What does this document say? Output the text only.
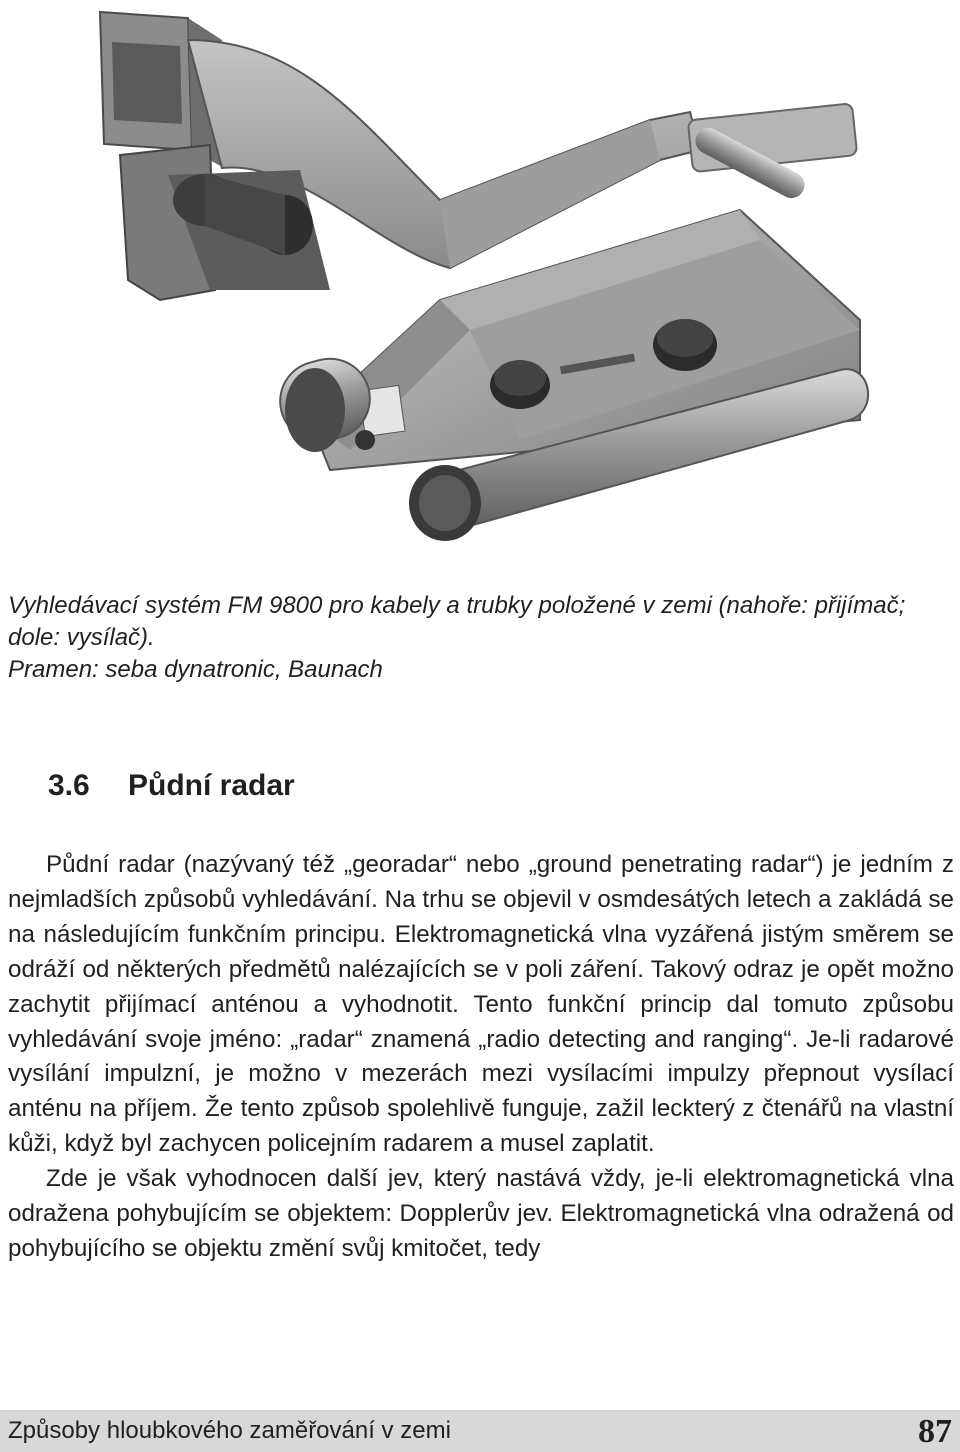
Vyhledávací systém FM 9800 pro kabely a trubky položené v zemi (nahoře: přijímač; dole: vysílač).

Pramen: seba dynatronic, Baunach

3.6 Půdní radar

Půdní radar (nazývaný též „georadar“ nebo „ground penetrating radar“) je jedním z nejmladších způsobů vyhledávání. Na trhu se objevil v osmdesátých letech a zakládá se na následujícím funkčním principu. Elektromagnetická vlna vyzářená jistým směrem se odráží od některých předmětů nalézajících se v poli záření. Takový odraz je opět možno zachytit přijímací anténou a vyhodnotit. Tento funkční princip dal tomuto způsobu vyhledávání svoje jméno: „radar“ znamená „radio detecting and ranging“. Je-li radarové vysílání impulzní, je možno v mezerách mezi vysílacími impulzy přepnout vysílací anténu na příjem. Že tento způsob spolehlivě funguje, zažil leckterý z čtenářů na vlastní kůži, když byl zachycen policejním radarem a musel zaplatit.

Zde je však vyhodnocen další jev, který nastává vždy, je-li elektromagnetická vlna odražena pohybujícím se objektem: Dopplerův jev. Elektromagnetická vlna odražená od pohybujícího se objektu změní svůj kmitočet, tedy

Způsoby hloubkového zaměřování v zemi	87
